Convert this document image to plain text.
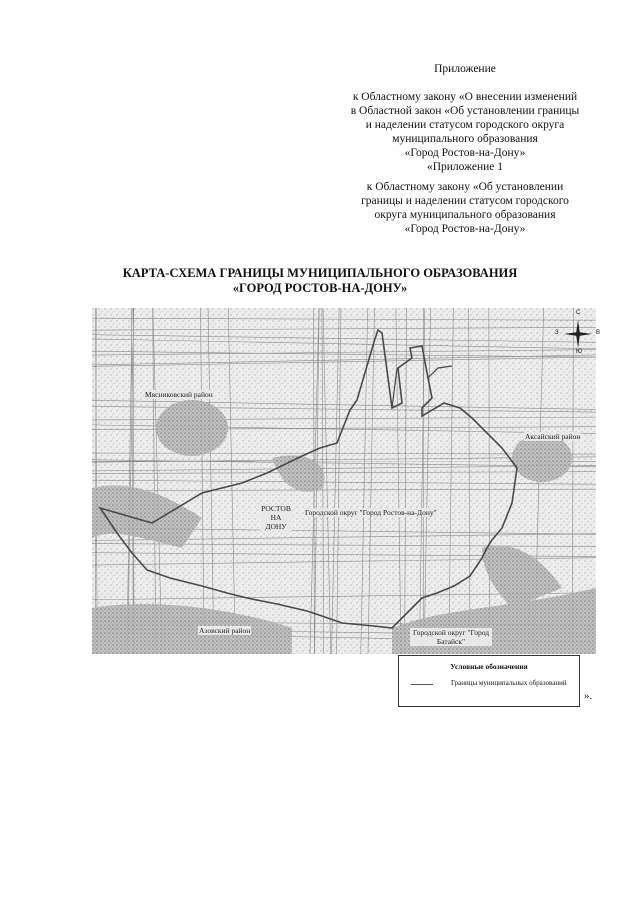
Приложение
к Областному закону «О внесении изменений
в Областной закон «Об установлении границы
и наделении статусом городского округа
муниципального образования
«Город Ростов-на-Дону»
«Приложение 1
к Областному закону «Об установлении
границы и наделении статусом городского
округа муниципального образования
«Город Ростов-на-Дону»
КАРТА-СХЕМА ГРАНИЦЫ МУНИЦИПАЛЬНОГО ОБРАЗОВАНИЯ
«ГОРОД РОСТОВ-НА-ДОНУ»
Мясниковский район
Аксайский район
Городской округ "Город Ростов-на-Дону"
РОСТОВ НА ДОНУ
Азовский район	Городской округ "Город Батайск"
С
Ю
З	В
Условные обозначения
Границы муниципальных образований
».
